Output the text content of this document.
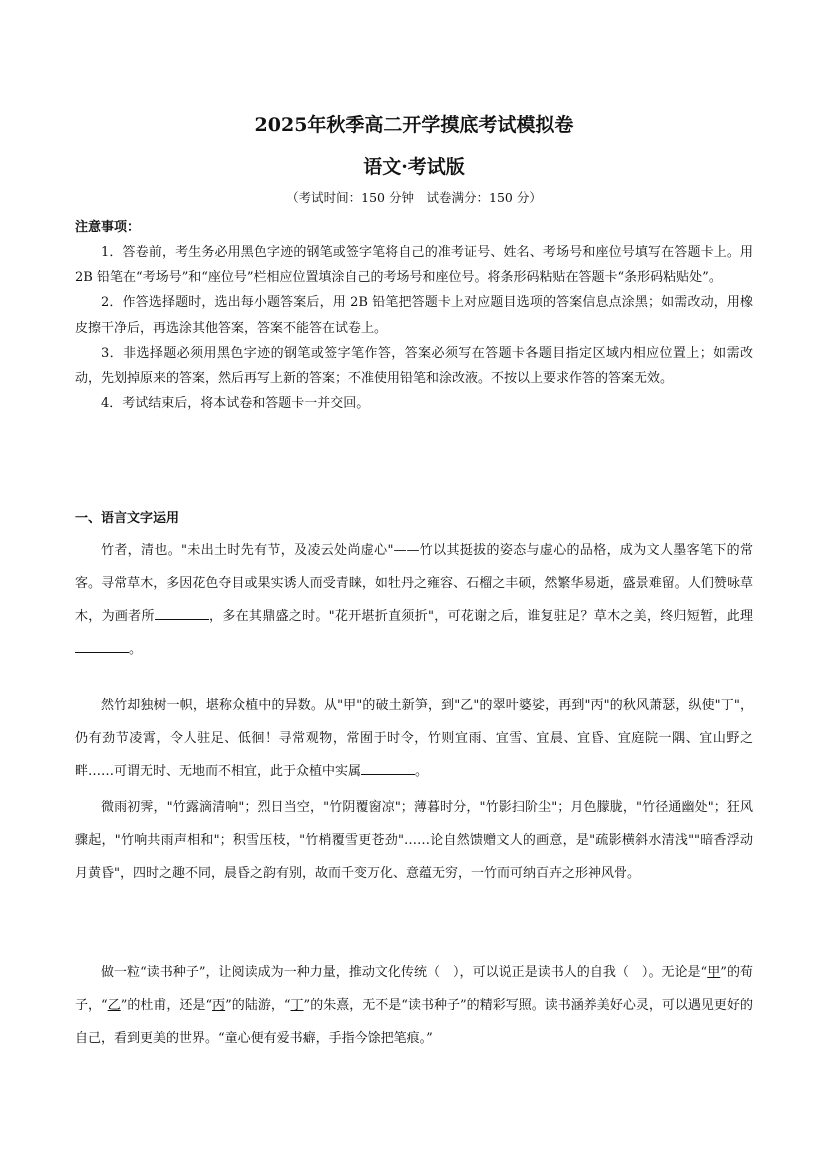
2025年秋季高二开学摸底考试模拟卷
语文·考试版
（考试时间：150 分钟　试卷满分：150 分）
注意事项：

1．答卷前，考生务必用黑色字迹的钢笔或签字笔将自己的准考证号、姓名、考场号和座位号填写在答题卡上。用 2B 铅笔在“考场号”和“座位号”栏相应位置填涂自己的考场号和座位号。将条形码粘贴在答题卡“条形码粘贴处”。

2．作答选择题时，选出每小题答案后，用 2B 铅笔把答题卡上对应题目选项的答案信息点涂黑；如需改动，用橡皮擦干净后，再选涂其他答案，答案不能答在试卷上。

3．非选择题必须用黑色字迹的钢笔或签字笔作答，答案必须写在答题卡各题目指定区域内相应位置上；如需改动，先划掉原来的答案，然后再写上新的答案；不准使用铅笔和涂改液。不按以上要求作答的答案无效。

4．考试结束后，将本试卷和答题卡一并交回。

一、语言文字运用

竹者，清也。"未出土时先有节，及凌云处尚虚心"——竹以其挺拔的姿态与虚心的品格，成为文人墨客笔下的常客。寻常草木，多因花色夺目或果实诱人而受青睐，如牡丹之雍容、石榴之丰硕，然繁华易逝，盛景难留。人们赞咏草木，为画者所	，多在其鼎盛之时。"花开堪折直须折"，可花谢之后，谁复驻足？草木之美，终归短暂，此理。

然竹却独树一帜，堪称众植中的异数。从"甲"的破土新笋，到"乙"的翠叶婆娑，再到"丙"的秋风萧瑟，纵使"丁"，仍有劲节凌霄，令人驻足、低徊！寻常观物，常囿于时令，竹则宜雨、宜雪、宜晨、宜昏、宜庭院一隅、宜山野之畔……可谓无时、无地而不相宜，此于众植中实属	。

微雨初霁，"竹露滴清响"；烈日当空，"竹阴覆窗凉"；薄暮时分，"竹影扫阶尘"；月色朦胧，"竹径通幽处"；狂风骤起，"竹响共雨声相和"；积雪压枝，"竹梢覆雪更苍劲"……论自然馈赠文人的画意，是"疏影横斜水清浅""暗香浮动月黄昏"，四时之趣不同，晨昏之韵有别，故而千变万化、意蕴无穷，一竹而可纳百卉之形神风骨。

做一粒“读书种子”，让阅读成为一种力量，推动文化传统（　），可以说正是读书人的自我（　）。无论是“甲”的荀子，“乙”的杜甫，还是“丙”的陆游，“丁”的朱熹，无不是“读书种子”的精彩写照。读书涵养美好心灵，可以遇见更好的自己，看到更美的世界。“童心便有爱书癖，手指今馀把笔痕。”
